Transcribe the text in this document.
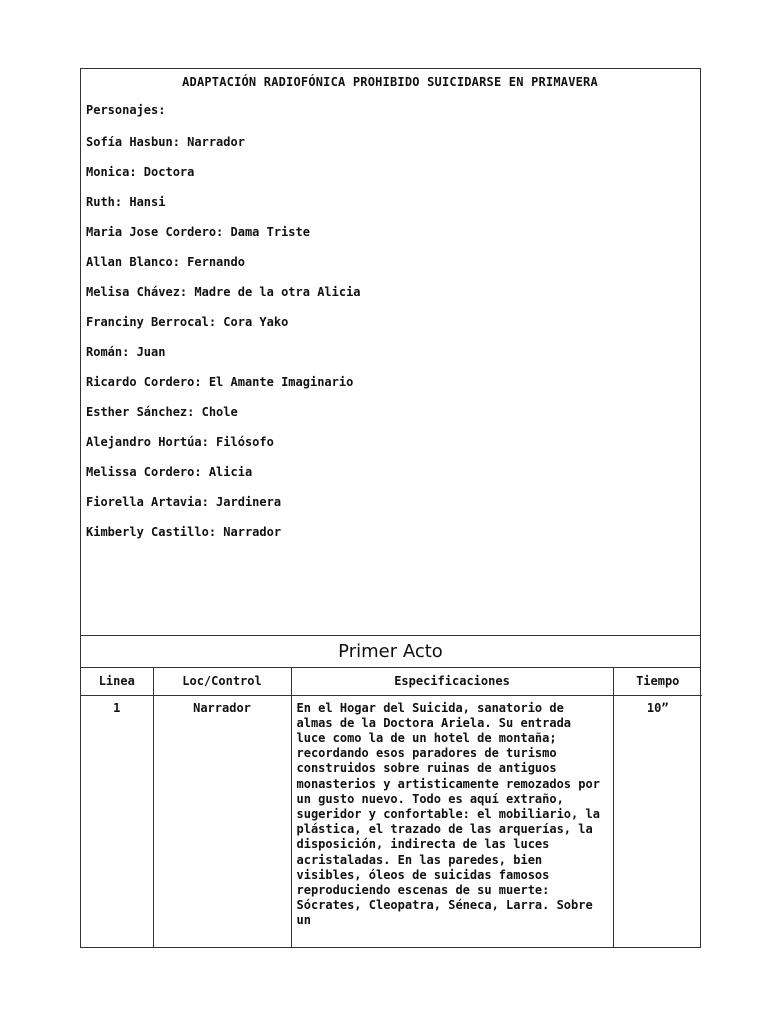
ADAPTACIÓN RADIOFÓNICA PROHIBIDO SUICIDARSE EN PRIMAVERA
Personajes:
Sofía Hasbun: Narrador
Monica: Doctora
Ruth: Hansi
Maria Jose Cordero: Dama Triste
Allan Blanco: Fernando
Melisa Chávez: Madre de la otra Alicia
Franciny Berrocal: Cora Yako
Román: Juan
Ricardo Cordero: El Amante Imaginario
Esther Sánchez: Chole
Alejandro Hortúa: Filósofo
Melissa Cordero: Alicia
Fiorella Artavia: Jardinera
Kimberly Castillo: Narrador
Primer Acto
Linea	Loc/Control	Especificaciones	Tiempo
1	Narrador	En el Hogar del Suicida, sanatorio de almas de la Doctora Ariela. Su entrada luce como la de un hotel de montaña; recordando esos paradores de turismo construidos sobre ruinas de antiguos monasterios y artisticamente remozados por un gusto nuevo. Todo es aquí extraño, sugeridor y confortable: el mobiliario, la plástica, el trazado de las arquerías, la disposición, indirecta de las luces acristaladas. En las paredes, bien visibles, óleos de suicidas famosos reproduciendo escenas de su muerte: Sócrates, Cleopatra, Séneca, Larra. Sobre un	10”
